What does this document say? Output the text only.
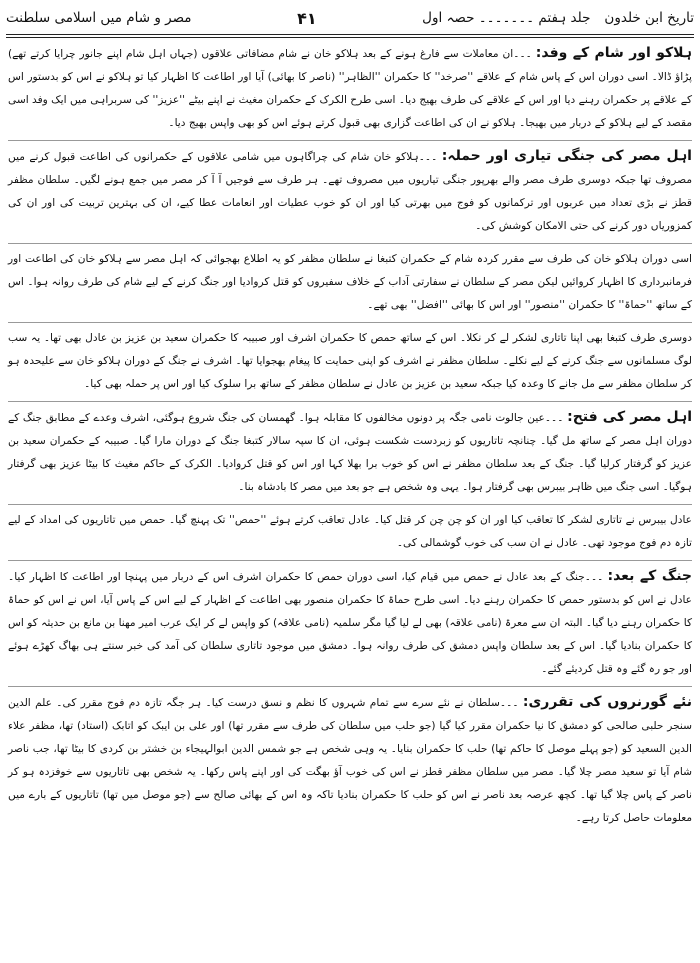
تاریخ ابن خلدون
جلد ہفتم ۔۔۔۔۔۔۔ حصہ اول
۴۱
مصر و شام میں اسلامی سلطنت

ہلاکو اور شام کے وفد: ۔۔۔ان معاملات سے فارغ ہونے کے بعد ہلاکو خان نے شام مضافاتی علاقوں (جہاں اہل شام اپنے جانور چرایا کرتے تھے) پڑاؤ ڈالا۔ اسی دوران اس کے پاس شام کے علاقے ''صرخد'' کا حکمران ''الظاہر'' (ناصر کا بھائی) آیا اور اطاعت کا اظہار کیا تو ہلاکو نے اس کو بدستور اس کے علاقے پر حکمران رہنے دیا اور اس کے علاقے کی طرف بھیج دیا۔ اسی طرح الکرک کے حکمران مغیث نے اپنے بیٹے ''عزیز'' کی سربراہی میں ایک وفد اسی مقصد کے لیے ہلاکو کے دربار میں بھیجا۔ ہلاکو نے ان کی اطاعت گزاری بھی قبول کرتے ہوئے اس کو بھی واپس بھیج دیا۔

اہل مصر کی جنگی تیاری اور حملہ: ۔۔۔ہلاکو خان شام کی چراگاہوں میں شامی علاقوں کے حکمرانوں کی اطاعت قبول کرنے میں مصروف تھا جبکہ دوسری طرف مصر والے بھرپور جنگی تیاریوں میں مصروف تھے۔ ہر طرف سے فوجیں آ آ کر مصر میں جمع ہونے لگیں۔ سلطان مظفر قطز نے بڑی تعداد میں عربوں اور ترکمانوں کو فوج میں بھرتی کیا اور ان کو خوب عطیات اور انعامات عطا کیے، ان کی بہترین تربیت کی اور ان کی کمزوریاں دور کرنے کی حتی الامکان کوشش کی۔

اسی دوران ہلاکو خان کی طرف سے مقرر کردہ شام کے حکمران کتبغا نے سلطان مظفر کو یہ اطلاع بھجوائی کہ اہل مصر سے ہلاکو خان کی اطاعت اور فرمانبرداری کا اظہار کروائیں لیکن مصر کے سلطان نے سفارتی آداب کے خلاف سفیروں کو قتل کروادیا اور جنگ کرنے کے لیے شام کی طرف روانہ ہوا۔ اس کے ساتھ ''حماۃ'' کا حکمران ''منصور'' اور اس کا بھائی ''افضل'' بھی تھے۔

دوسری طرف کتبغا بھی اپنا تاتاری لشکر لے کر نکلا۔ اس کے ساتھ حمص کا حکمران اشرف اور صبیبہ کا حکمران سعید بن عزیز بن عادل بھی تھا۔ یہ سب لوگ مسلمانوں سے جنگ کرنے کے لیے نکلے۔ سلطان مظفر نے اشرف کو اپنی حمایت کا پیغام بھجوایا تھا۔ اشرف نے جنگ کے دوران ہلاکو خان سے علیحدہ ہو کر سلطان مظفر سے مل جانے کا وعدہ کیا جبکہ سعید بن عزیز بن عادل نے سلطان مظفر کے ساتھ برا سلوک کیا اور اس پر حملہ بھی کیا۔

اہل مصر کی فتح: ۔۔۔عین جالوت نامی جگہ پر دونوں مخالفوں کا مقابلہ ہوا۔ گھمسان کی جنگ شروع ہوگئی، اشرف وعدے کے مطابق جنگ کے دوران اہل مصر کے ساتھ مل گیا۔ چنانچہ تاتاریوں کو زبردست شکست ہوئی، ان کا سپہ سالار کتبغا جنگ کے دوران مارا گیا۔ صبیبہ کے حکمران سعید بن عزیز کو گرفتار کرلیا گیا۔ جنگ کے بعد سلطان مظفر نے اس کو خوب برا بھلا کہا اور اس کو قتل کروادیا۔ الکرک کے حاکم مغیث کا بیٹا عزیز بھی گرفتار ہوگیا۔ اسی جنگ میں ظاہر بیبرس بھی گرفتار ہوا۔ یہی وہ شخص ہے جو بعد میں مصر کا بادشاہ بنا۔

عادل بیبرس نے تاتاری لشکر کا تعاقب کیا اور ان کو چن چن کر قتل کیا۔ عادل تعاقب کرتے ہوئے ''حمص'' تک پہنچ گیا۔ حمص میں تاتاریوں کی امداد کے لیے تازہ دم فوج موجود تھی۔ عادل نے ان سب کی خوب گوشمالی کی۔

جنگ کے بعد: ۔۔۔جنگ کے بعد عادل نے حمص میں قیام کیا، اسی دوران حمص کا حکمران اشرف اس کے دربار میں پہنچا اور اطاعت کا اظہار کیا۔ عادل نے اس کو بدستور حمص کا حکمران رہنے دیا۔ اسی طرح حماۃ کا حکمران منصور بھی اطاعت کے اظہار کے لیے اس کے پاس آیا، اس نے اس کو حماۃ کا حکمران رہنے دیا گیا۔ البتہ ان سے معرۃ (نامی علاقہ) بھی لے لیا گیا مگر سلمیہ (نامی علاقہ) کو واپس لے کر ایک عرب امیر مھنا بن مانع بن حدیثہ کو اس کا حکمران بنادیا گیا۔ اس کے بعد سلطان واپس دمشق کی طرف روانہ ہوا۔ دمشق میں موجود تاتاری سلطان کی آمد کی خبر سنتے ہی بھاگ کھڑے ہوئے اور جو رہ گئے وہ قتل کردیئے گئے۔

نئے گورنروں کی تقرری: ۔۔۔سلطان نے نئے سرے سے تمام شہروں کا نظم و نسق درست کیا۔ ہر جگہ تازہ دم فوج مقرر کی۔ علم الدین سنجر حلبی صالحی کو دمشق کا نیا حکمران مقرر کیا گیا (جو حلب میں سلطان کی طرف سے مقرر تھا) اور علی بن ایبک کو اتابک (استاد) تھا، مظفر علاء الدین السعید کو (جو پہلے موصل کا حاکم تھا) حلب کا حکمران بنایا۔ یہ وہی شخص ہے جو شمس الدین ابوالہیجاء بن خشتر بن کردی کا بیٹا تھا، جب ناصر شام آیا تو سعید مصر چلا گیا۔ مصر میں سلطان مظفر قطز نے اس کی خوب آؤ بھگت کی اور اپنے پاس رکھا۔ یہ شخص بھی تاتاریوں سے خوفزدہ ہو کر ناصر کے پاس چلا گیا تھا۔ کچھ عرصہ بعد ناصر نے اس کو حلب کا حکمران بنادیا تاکہ وہ اس کے بھائی صالح سے (جو موصل میں تھا) تاتاریوں کے بارے میں معلومات حاصل کرتا رہے۔
